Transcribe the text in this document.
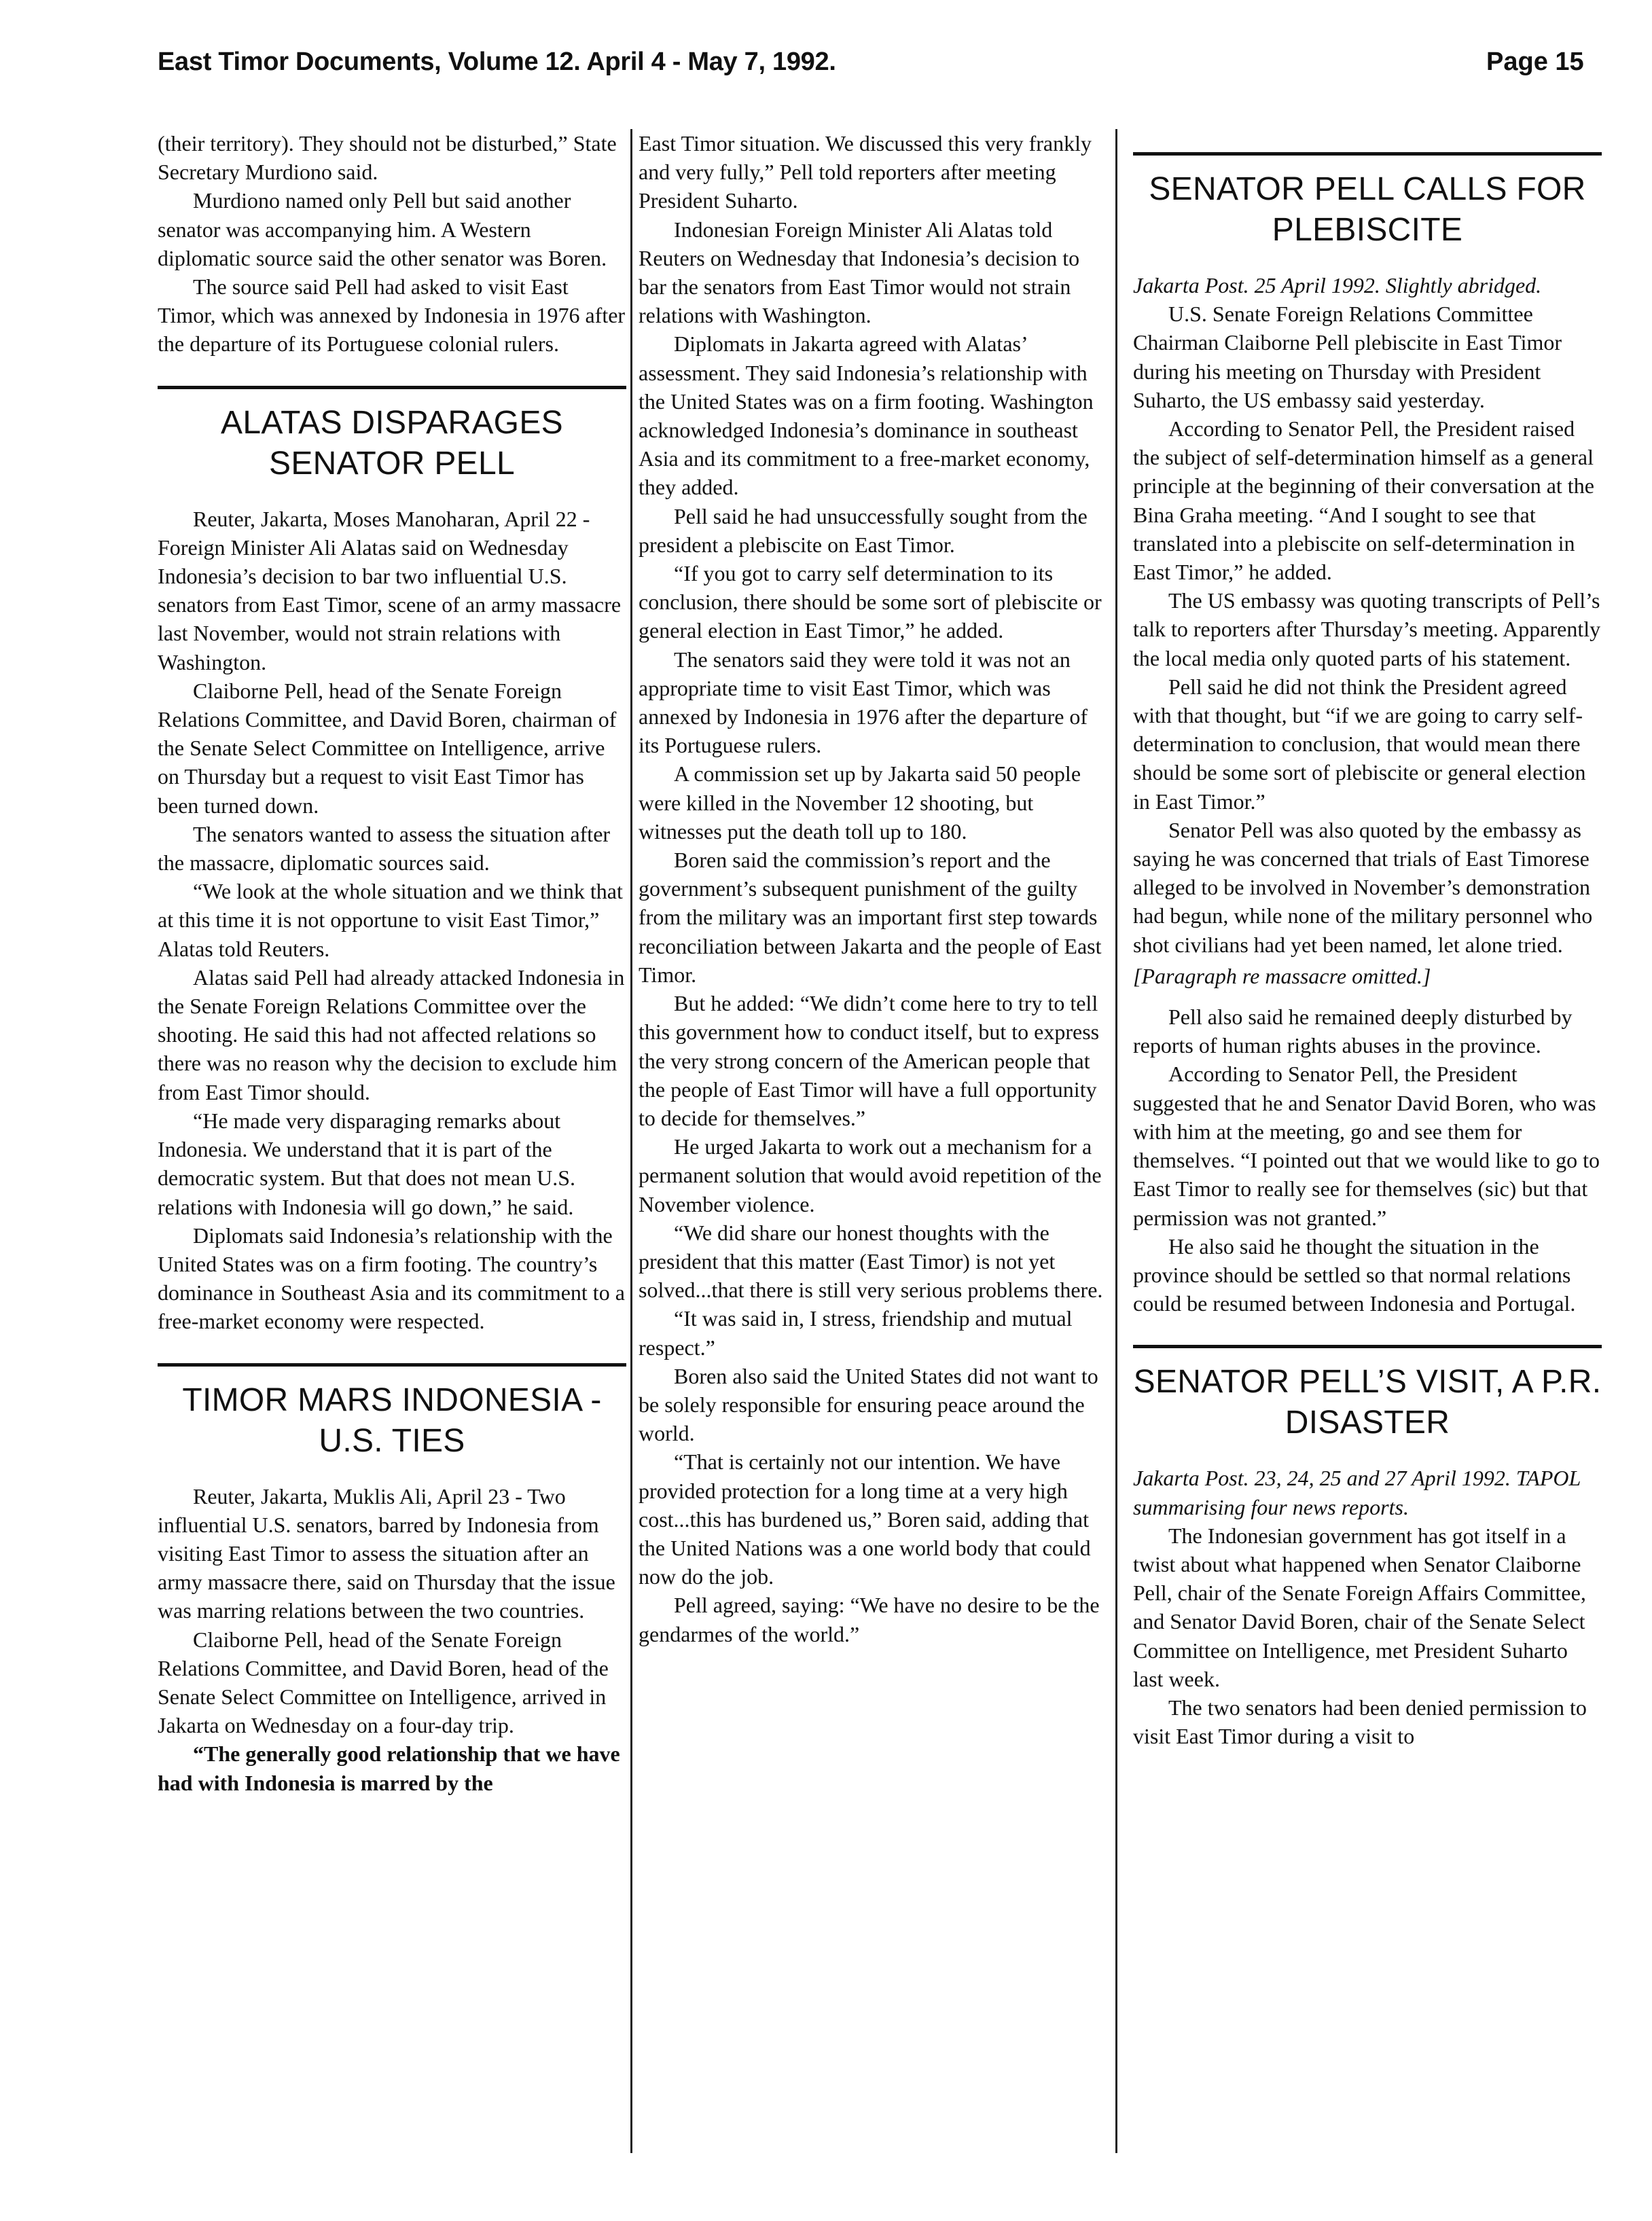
East Timor Documents, Volume 12. April 4 - May 7, 1992.	Page 15

(their territory). They should not be disturbed,” State Secretary Murdiono said.

Murdiono named only Pell but said another senator was accompanying him. A Western diplomatic source said the other senator was Boren.

The source said Pell had asked to visit East Timor, which was annexed by Indonesia in 1976 after the departure of its Portuguese colonial rulers.

ALATAS DISPARAGES SENATOR PELL

Reuter, Jakarta, Moses Manoharan, April 22 - Foreign Minister Ali Alatas said on Wednesday Indonesia’s decision to bar two influential U.S. senators from East Timor, scene of an army massacre last November, would not strain relations with Washington.

Claiborne Pell, head of the Senate Foreign Relations Committee, and David Boren, chairman of the Senate Select Committee on Intelligence, arrive on Thursday but a request to visit East Timor has been turned down.

The senators wanted to assess the situation after the massacre, diplomatic sources said.

“We look at the whole situation and we think that at this time it is not opportune to visit East Timor,” Alatas told Reuters.

Alatas said Pell had already attacked Indonesia in the Senate Foreign Relations Committee over the shooting. He said this had not affected relations so there was no reason why the decision to exclude him from East Timor should.

“He made very disparaging remarks about Indonesia. We understand that it is part of the democratic system. But that does not mean U.S. relations with Indonesia will go down,” he said.

Diplomats said Indonesia’s relationship with the United States was on a firm footing. The country’s dominance in Southeast Asia and its commitment to a free-market economy were respected.

TIMOR MARS INDONESIA - U.S. TIES

Reuter, Jakarta, Muklis Ali, April 23 - Two influential U.S. senators, barred by Indonesia from visiting East Timor to assess the situation after an army massacre there, said on Thursday that the issue was marring relations between the two countries.

Claiborne Pell, head of the Senate Foreign Relations Committee, and David Boren, head of the Senate Select Committee on Intelligence, arrived in Jakarta on Wednesday on a four-day trip.

“The generally good relationship that we have had with Indonesia is marred by the

East Timor situation. We discussed this very frankly and very fully,” Pell told reporters after meeting President Suharto.

Indonesian Foreign Minister Ali Alatas told Reuters on Wednesday that Indonesia’s decision to bar the senators from East Timor would not strain relations with Washington.

Diplomats in Jakarta agreed with Alatas’ assessment. They said Indonesia’s relationship with the United States was on a firm footing. Washington acknowledged Indonesia’s dominance in southeast Asia and its commitment to a free-market economy, they added.

Pell said he had unsuccessfully sought from the president a plebiscite on East Timor.

“If you got to carry self determination to its conclusion, there should be some sort of plebiscite or general election in East Timor,” he added.

The senators said they were told it was not an appropriate time to visit East Timor, which was annexed by Indonesia in 1976 after the departure of its Portuguese rulers.

A commission set up by Jakarta said 50 people were killed in the November 12 shooting, but witnesses put the death toll up to 180.

Boren said the commission’s report and the government’s subsequent punishment of the guilty from the military was an important first step towards reconciliation between Jakarta and the people of East Timor.

But he added: “We didn’t come here to try to tell this government how to conduct itself, but to express the very strong concern of the American people that the people of East Timor will have a full opportunity to decide for themselves.”

He urged Jakarta to work out a mechanism for a permanent solution that would avoid repetition of the November violence.

“We did share our honest thoughts with the president that this matter (East Timor) is not yet solved...that there is still very serious problems there.

“It was said in, I stress, friendship and mutual respect.”

Boren also said the United States did not want to be solely responsible for ensuring peace around the world.

“That is certainly not our intention. We have provided protection for a long time at a very high cost...this has burdened us,” Boren said, adding that the United Nations was a one world body that could now do the job.

Pell agreed, saying: “We have no desire to be the gendarmes of the world.”

SENATOR PELL CALLS FOR PLEBISCITE

Jakarta Post. 25 April 1992. Slightly abridged.

U.S. Senate Foreign Relations Committee Chairman Claiborne Pell plebiscite in East Timor during his meeting on Thursday with President Suharto, the US embassy said yesterday.

According to Senator Pell, the President raised the subject of self-determination himself as a general principle at the beginning of their conversation at the Bina Graha meeting. “And I sought to see that translated into a plebiscite on self-determination in East Timor,” he added.

The US embassy was quoting transcripts of Pell’s talk to reporters after Thursday’s meeting. Apparently the local media only quoted parts of his statement.

Pell said he did not think the President agreed with that thought, but “if we are going to carry self-determination to conclusion, that would mean there should be some sort of plebiscite or general election in East Timor.”

Senator Pell was also quoted by the embassy as saying he was concerned that trials of East Timorese alleged to be involved in November’s demonstration had begun, while none of the military personnel who shot civilians had yet been named, let alone tried.

[Paragraph re massacre omitted.]

Pell also said he remained deeply disturbed by reports of human rights abuses in the province.

According to Senator Pell, the President suggested that he and Senator David Boren, who was with him at the meeting, go and see them for themselves. “I pointed out that we would like to go to East Timor to really see for themselves (sic) but that permission was not granted.”

He also said he thought the situation in the province should be settled so that normal relations could be resumed between Indonesia and Portugal.

SENATOR PELL’S VISIT, A P.R. DISASTER

Jakarta Post. 23, 24, 25 and 27 April 1992. TAPOL summarising four news reports.

The Indonesian government has got itself in a twist about what happened when Senator Claiborne Pell, chair of the Senate Foreign Affairs Committee, and Senator David Boren, chair of the Senate Select Committee on Intelligence, met President Suharto last week.

The two senators had been denied permission to visit East Timor during a visit to
